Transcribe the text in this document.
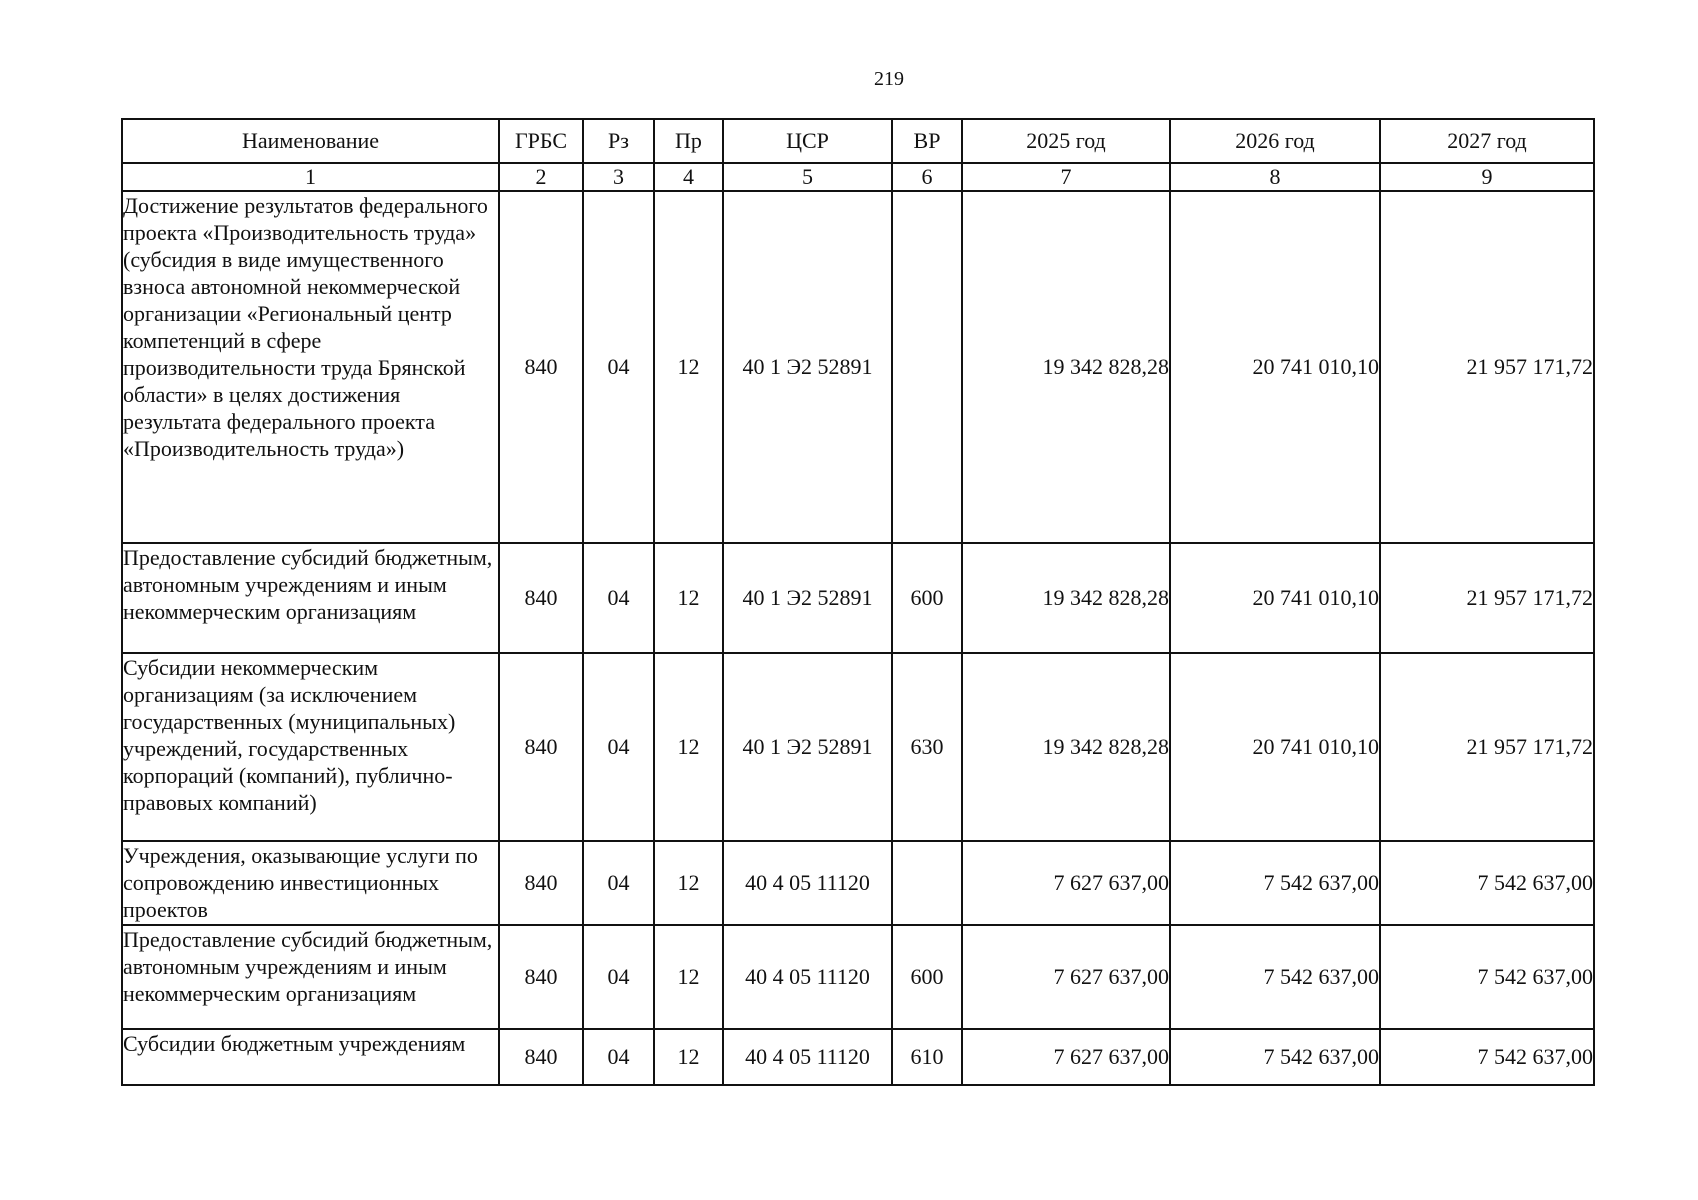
219
Наименование	ГРБС	Рз	Пр	ЦСР	ВР	2025 год	2026 год	2027 год
1	2	3	4	5	6	7	8	9
Достижение результатов федерального проекта «Производительность труда» (субсидия в виде имущественного взноса автономной некоммерческой организации «Региональный центр компетенций в сфере производительности труда Брянской области» в целях достижения результата федерального проекта «Производительность труда»)	840	04	12	40 1 Э2 52891		19 342 828,28	20 741 010,10	21 957 171,72
Предоставление субсидий бюджетным, автономным учреждениям и иным некоммерческим организациям	840	04	12	40 1 Э2 52891	600	19 342 828,28	20 741 010,10	21 957 171,72
Субсидии некоммерческим организациям (за исключением государственных (муниципальных) учреждений, государственных корпораций (компаний), публично-правовых компаний)	840	04	12	40 1 Э2 52891	630	19 342 828,28	20 741 010,10	21 957 171,72
Учреждения, оказывающие услуги по сопровождению инвестиционных проектов	840	04	12	40 4 05 11120		7 627 637,00	7 542 637,00	7 542 637,00
Предоставление субсидий бюджетным, автономным учреждениям и иным некоммерческим организациям	840	04	12	40 4 05 11120	600	7 627 637,00	7 542 637,00	7 542 637,00
Субсидии бюджетным учреждениям	840	04	12	40 4 05 11120	610	7 627 637,00	7 542 637,00	7 542 637,00
